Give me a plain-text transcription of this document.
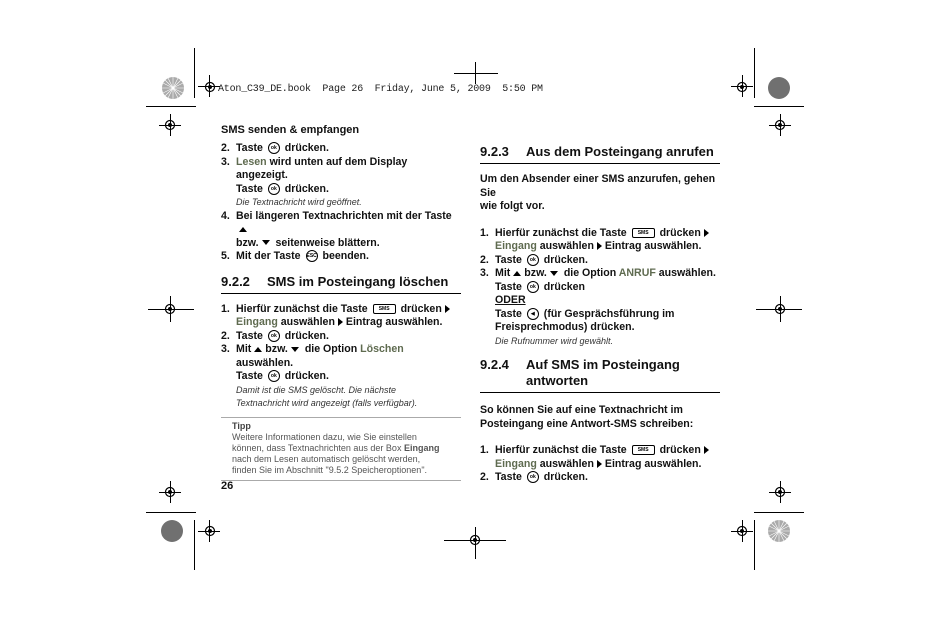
Aton_C39_DE.book  Page 26  Friday, June 5, 2009  5:50 PM
SMS senden & empfangen
2. Taste ok drücken.
3. Lesen wird unten auf dem Display angezeigt.
Taste ok drücken.
Die Textnachricht wird geöffnet.
4. Bei längeren Textnachrichten mit der Taste
bzw. seitenweise blättern.
5. Mit der Taste ESC beenden.
9.2.2	SMS im Posteingang löschen
1. Hierfür zunächst die Taste SMS drücken
Eingang auswählen Eintrag auswählen.
2. Taste ok drücken.
3. Mit bzw. die Option Löschen auswählen.
Taste ok drücken.
Damit ist die SMS gelöscht. Die nächste
Textnachricht wird angezeigt (falls verfügbar).
Tipp
Weitere Informationen dazu, wie Sie einstellen
können, dass Textnachrichten aus der Box Eingang
nach dem Lesen automatisch gelöscht werden,
finden Sie im Abschnitt "9.5.2 Speicheroptionen".
9.2.3	Aus dem Posteingang anrufen
Um den Absender einer SMS anzurufen, gehen Sie
wie folgt vor.
1. Hierfür zunächst die Taste SMS drücken
Eingang auswählen Eintrag auswählen.
2. Taste ok drücken.
3. Mit bzw. die Option ANRUF auswählen.
Taste ok drücken
ODER
Taste ◀ (für Gesprächsführung im
Freisprechmodus) drücken.
Die Rufnummer wird gewählt.
9.2.4	Auf SMS im Posteingang
antworten
So können Sie auf eine Textnachricht im
Posteingang eine Antwort-SMS schreiben:
1. Hierfür zunächst die Taste SMS drücken
Eingang auswählen Eintrag auswählen.
2. Taste ok drücken.
26
